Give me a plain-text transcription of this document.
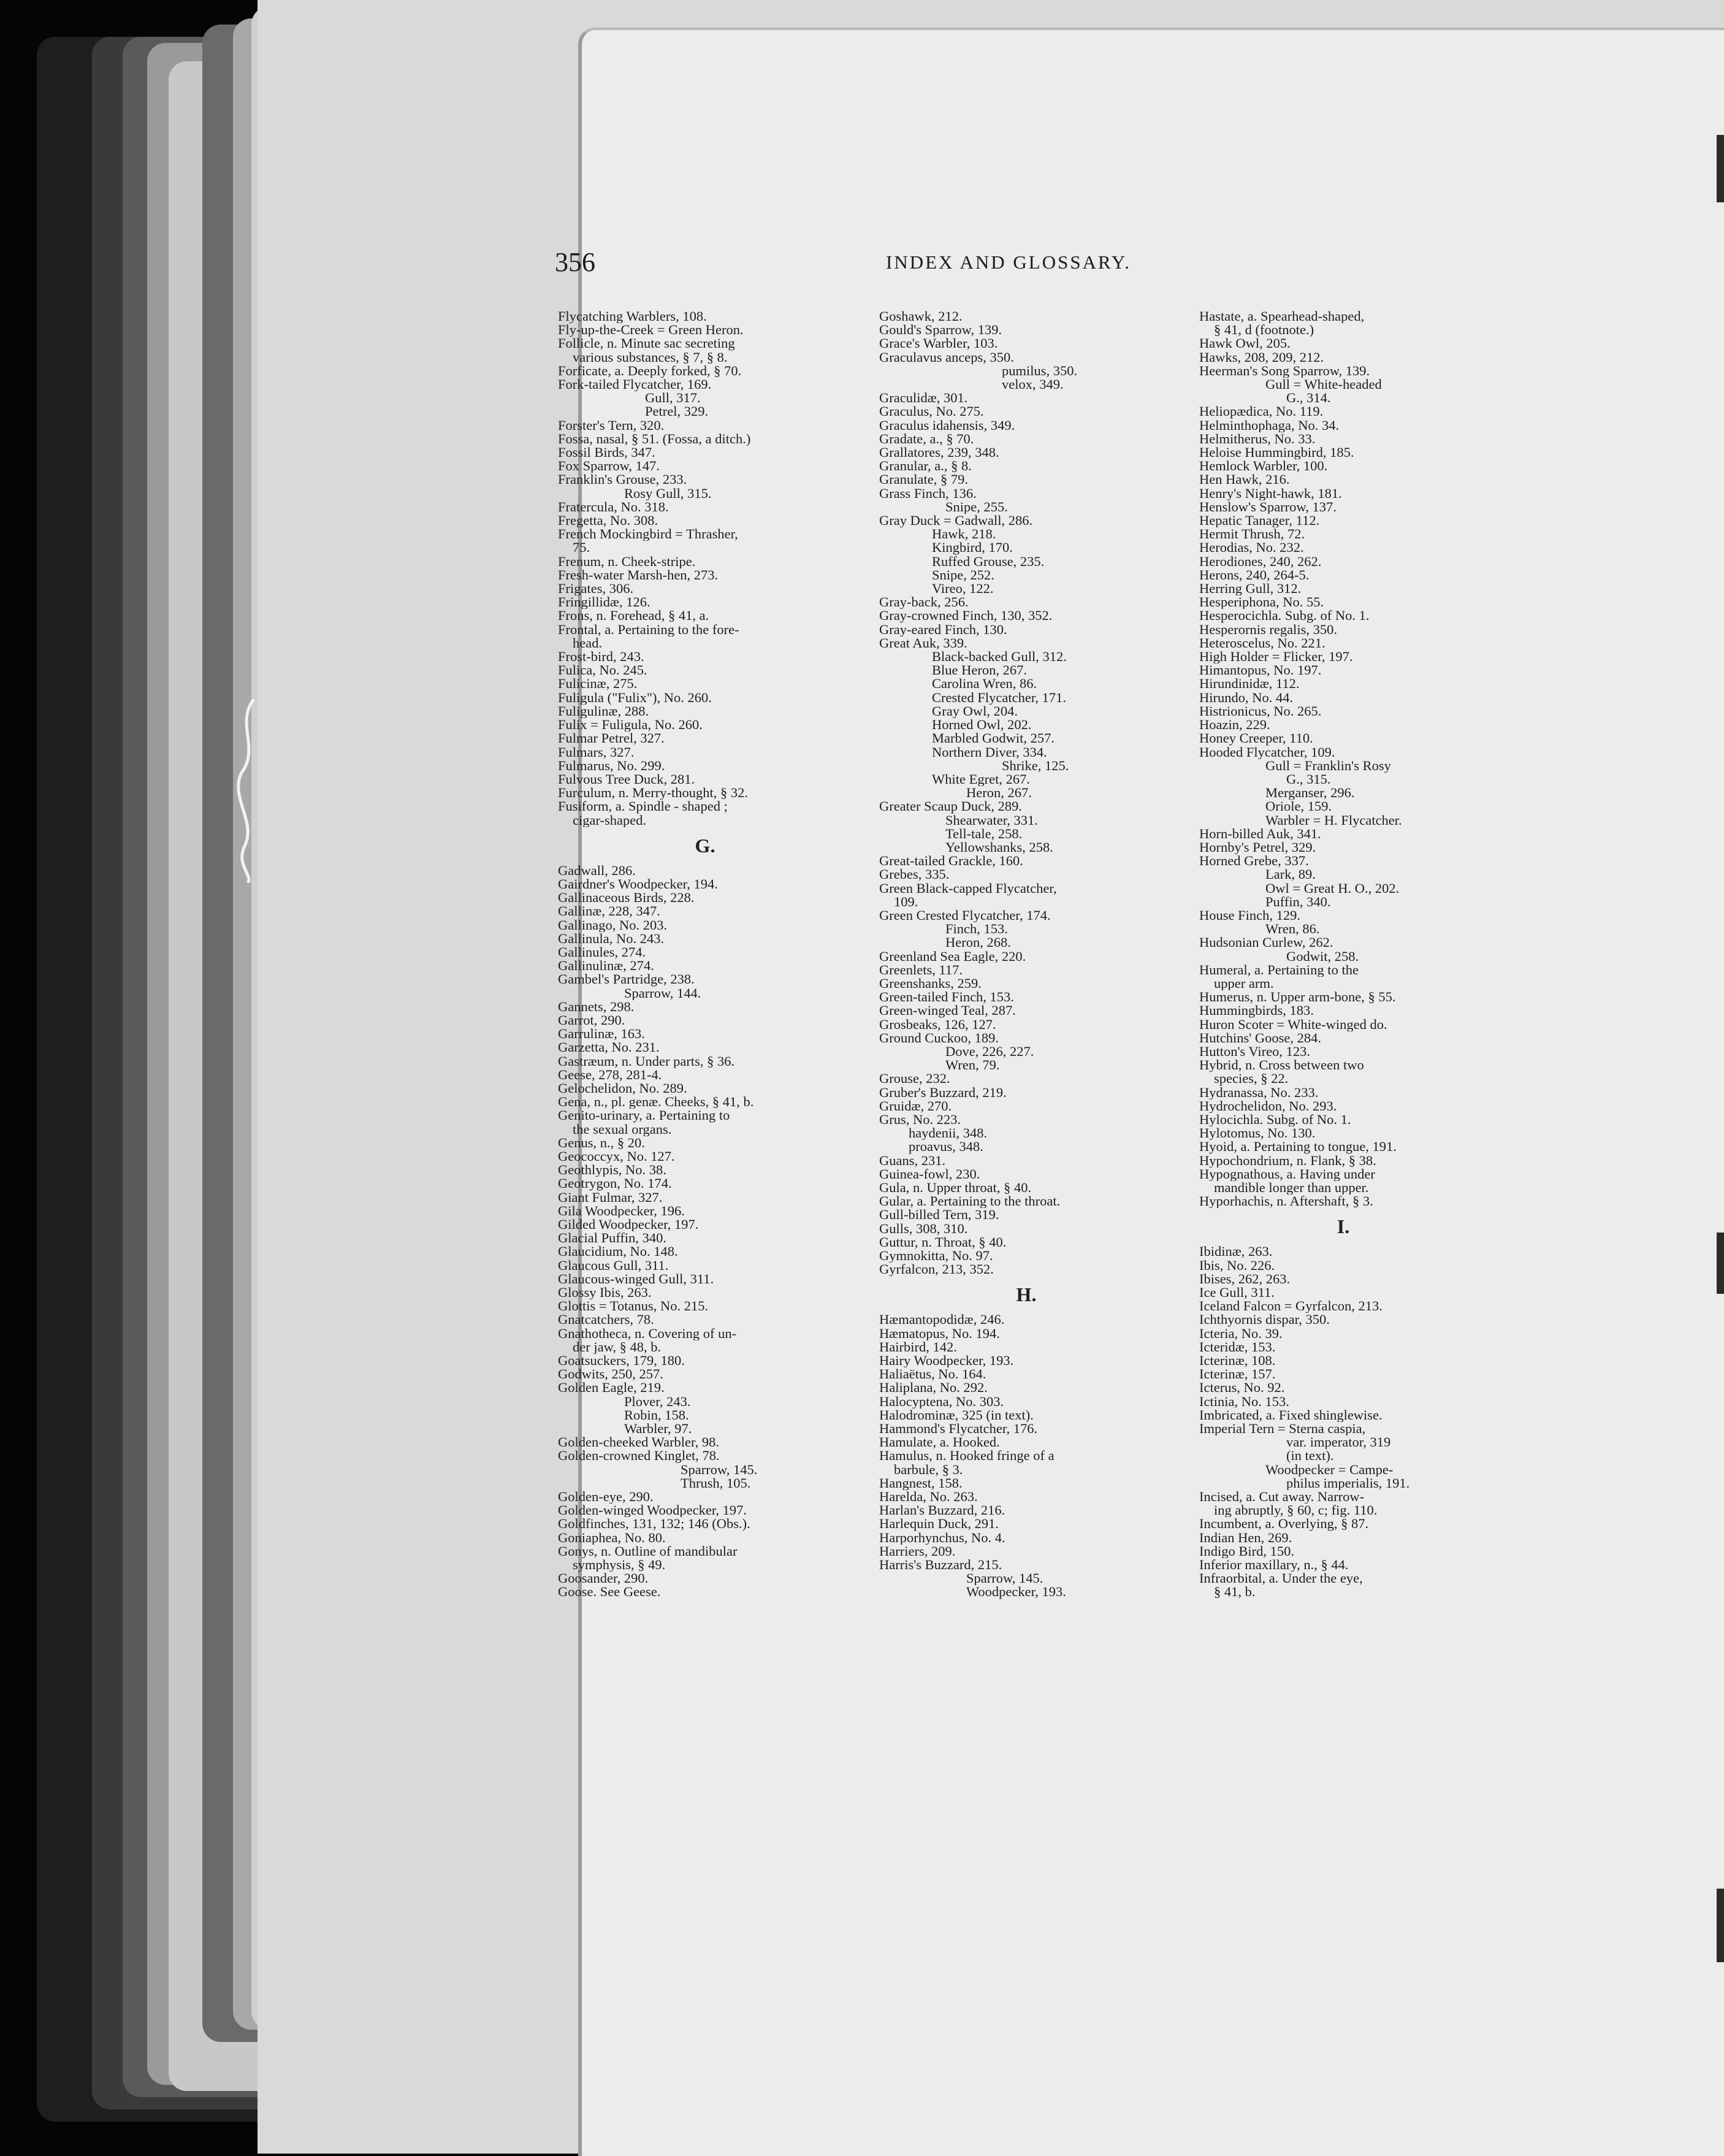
356	INDEX AND GLOSSARY.
Flycatching Warblers, 108.
Fly-up-the-Creek = Green Heron.
Follicle, n. Minute sac secreting
various substances, § 7, § 8.
Forficate, a. Deeply forked, § 70.
Fork-tailed Flycatcher, 169.
Gull, 317.
Petrel, 329.
Forster's Tern, 320.
Fossa, nasal, § 51. (Fossa, a ditch.)
Fossil Birds, 347.
Fox Sparrow, 147.
Franklin's Grouse, 233.
Rosy Gull, 315.
Fratercula, No. 318.
Fregetta, No. 308.
French Mockingbird = Thrasher,
75.
Frenum, n. Cheek-stripe.
Fresh-water Marsh-hen, 273.
Frigates, 306.
Fringillidæ, 126.
Frons, n. Forehead, § 41, a.
Frontal, a. Pertaining to the fore-
head.
Frost-bird, 243.
Fulica, No. 245.
Fulicinæ, 275.
Fuligula ("Fulix"), No. 260.
Fuligulinæ, 288.
Fulix = Fuligula, No. 260.
Fulmar Petrel, 327.
Fulmars, 327.
Fulmarus, No. 299.
Fulvous Tree Duck, 281.
Furculum, n. Merry-thought, § 32.
Fusiform, a. Spindle - shaped ;
cigar-shaped.
G.
Gadwall, 286.
Gairdner's Woodpecker, 194.
Gallinaceous Birds, 228.
Gallinæ, 228, 347.
Gallinago, No. 203.
Gallinula, No. 243.
Gallinules, 274.
Gallinulinæ, 274.
Gambel's Partridge, 238.
Sparrow, 144.
Gannets, 298.
Garrot, 290.
Garrulinæ, 163.
Garzetta, No. 231.
Gastræum, n. Under parts, § 36.
Geese, 278, 281-4.
Gelochelidon, No. 289.
Gena, n., pl. genæ. Cheeks, § 41, b.
Genito-urinary, a. Pertaining to
the sexual organs.
Genus, n., § 20.
Geococcyx, No. 127.
Geothlypis, No. 38.
Geotrygon, No. 174.
Giant Fulmar, 327.
Gila Woodpecker, 196.
Gilded Woodpecker, 197.
Glacial Puffin, 340.
Glaucidium, No. 148.
Glaucous Gull, 311.
Glaucous-winged Gull, 311.
Glossy Ibis, 263.
Glottis = Totanus, No. 215.
Gnatcatchers, 78.
Gnathotheca, n. Covering of un-
der jaw, § 48, b.
Goatsuckers, 179, 180.
Godwits, 250, 257.
Golden Eagle, 219.
Plover, 243.
Robin, 158.
Warbler, 97.
Golden-cheeked Warbler, 98.
Golden-crowned Kinglet, 78.
Sparrow, 145.
Thrush, 105.
Golden-eye, 290.
Golden-winged Woodpecker, 197.
Goldfinches, 131, 132; 146 (Obs.).
Goniaphea, No. 80.
Gonys, n. Outline of mandibular
symphysis, § 49.
Goosander, 290.
Goose. See Geese.
Goshawk, 212.
Gould's Sparrow, 139.
Grace's Warbler, 103.
Graculavus anceps, 350.
pumilus, 350.
velox, 349.
Graculidæ, 301.
Graculus, No. 275.
Graculus idahensis, 349.
Gradate, a., § 70.
Grallatores, 239, 348.
Granular, a., § 8.
Granulate, § 79.
Grass Finch, 136.
Snipe, 255.
Gray Duck = Gadwall, 286.
Hawk, 218.
Kingbird, 170.
Ruffed Grouse, 235.
Snipe, 252.
Vireo, 122.
Gray-back, 256.
Gray-crowned Finch, 130, 352.
Gray-eared Finch, 130.
Great Auk, 339.
Black-backed Gull, 312.
Blue Heron, 267.
Carolina Wren, 86.
Crested Flycatcher, 171.
Gray Owl, 204.
Horned Owl, 202.
Marbled Godwit, 257.
Northern Diver, 334.
Shrike, 125.
White Egret, 267.
Heron, 267.
Greater Scaup Duck, 289.
Shearwater, 331.
Tell-tale, 258.
Yellowshanks, 258.
Great-tailed Grackle, 160.
Grebes, 335.
Green Black-capped Flycatcher,
109.
Green Crested Flycatcher, 174.
Finch, 153.
Heron, 268.
Greenland Sea Eagle, 220.
Greenlets, 117.
Greenshanks, 259.
Green-tailed Finch, 153.
Green-winged Teal, 287.
Grosbeaks, 126, 127.
Ground Cuckoo, 189.
Dove, 226, 227.
Wren, 79.
Grouse, 232.
Gruber's Buzzard, 219.
Gruidæ, 270.
Grus, No. 223.
haydenii, 348.
proavus, 348.
Guans, 231.
Guinea-fowl, 230.
Gula, n. Upper throat, § 40.
Gular, a. Pertaining to the throat.
Gull-billed Tern, 319.
Gulls, 308, 310.
Guttur, n. Throat, § 40.
Gymnokitta, No. 97.
Gyrfalcon, 213, 352.
H.
Hæmantopodidæ, 246.
Hæmatopus, No. 194.
Hairbird, 142.
Hairy Woodpecker, 193.
Haliaëtus, No. 164.
Haliplana, No. 292.
Halocyptena, No. 303.
Halodrominæ, 325 (in text).
Hammond's Flycatcher, 176.
Hamulate, a. Hooked.
Hamulus, n. Hooked fringe of a
barbule, § 3.
Hangnest, 158.
Harelda, No. 263.
Harlan's Buzzard, 216.
Harlequin Duck, 291.
Harporhynchus, No. 4.
Harriers, 209.
Harris's Buzzard, 215.
Sparrow, 145.
Woodpecker, 193.
Hastate, a. Spearhead-shaped,
§ 41, d (footnote.)
Hawk Owl, 205.
Hawks, 208, 209, 212.
Heerman's Song Sparrow, 139.
Gull = White-headed
G., 314.
Heliopædica, No. 119.
Helminthophaga, No. 34.
Helmitherus, No. 33.
Heloise Hummingbird, 185.
Hemlock Warbler, 100.
Hen Hawk, 216.
Henry's Night-hawk, 181.
Henslow's Sparrow, 137.
Hepatic Tanager, 112.
Hermit Thrush, 72.
Herodias, No. 232.
Herodiones, 240, 262.
Herons, 240, 264-5.
Herring Gull, 312.
Hesperiphona, No. 55.
Hesperocichla. Subg. of No. 1.
Hesperornis regalis, 350.
Heteroscelus, No. 221.
High Holder = Flicker, 197.
Himantopus, No. 197.
Hirundinidæ, 112.
Hirundo, No. 44.
Histrionicus, No. 265.
Hoazin, 229.
Honey Creeper, 110.
Hooded Flycatcher, 109.
Gull = Franklin's Rosy
G., 315.
Merganser, 296.
Oriole, 159.
Warbler = H. Flycatcher.
Horn-billed Auk, 341.
Hornby's Petrel, 329.
Horned Grebe, 337.
Lark, 89.
Owl = Great H. O., 202.
Puffin, 340.
House Finch, 129.
Wren, 86.
Hudsonian Curlew, 262.
Godwit, 258.
Humeral, a. Pertaining to the
upper arm.
Humerus, n. Upper arm-bone, § 55.
Hummingbirds, 183.
Huron Scoter = White-winged do.
Hutchins' Goose, 284.
Hutton's Vireo, 123.
Hybrid, n. Cross between two
species, § 22.
Hydranassa, No. 233.
Hydrochelidon, No. 293.
Hylocichla. Subg. of No. 1.
Hylotomus, No. 130.
Hyoid, a. Pertaining to tongue, 191.
Hypochondrium, n. Flank, § 38.
Hypognathous, a. Having under
mandible longer than upper.
Hyporhachis, n. Aftershaft, § 3.
I.
Ibidinæ, 263.
Ibis, No. 226.
Ibises, 262, 263.
Ice Gull, 311.
Iceland Falcon = Gyrfalcon, 213.
Ichthyornis dispar, 350.
Icteria, No. 39.
Icteridæ, 153.
Icterinæ, 108.
Icterinæ, 157.
Icterus, No. 92.
Ictinia, No. 153.
Imbricated, a. Fixed shinglewise.
Imperial Tern = Sterna caspia,
var. imperator, 319
(in text).
Woodpecker = Campe-
philus imperialis, 191.
Incised, a. Cut away. Narrow-
ing abruptly, § 60, c; fig. 110.
Incumbent, a. Overlying, § 87.
Indian Hen, 269.
Indigo Bird, 150.
Inferior maxillary, n., § 44.
Infraorbital, a. Under the eye,
§ 41, b.
